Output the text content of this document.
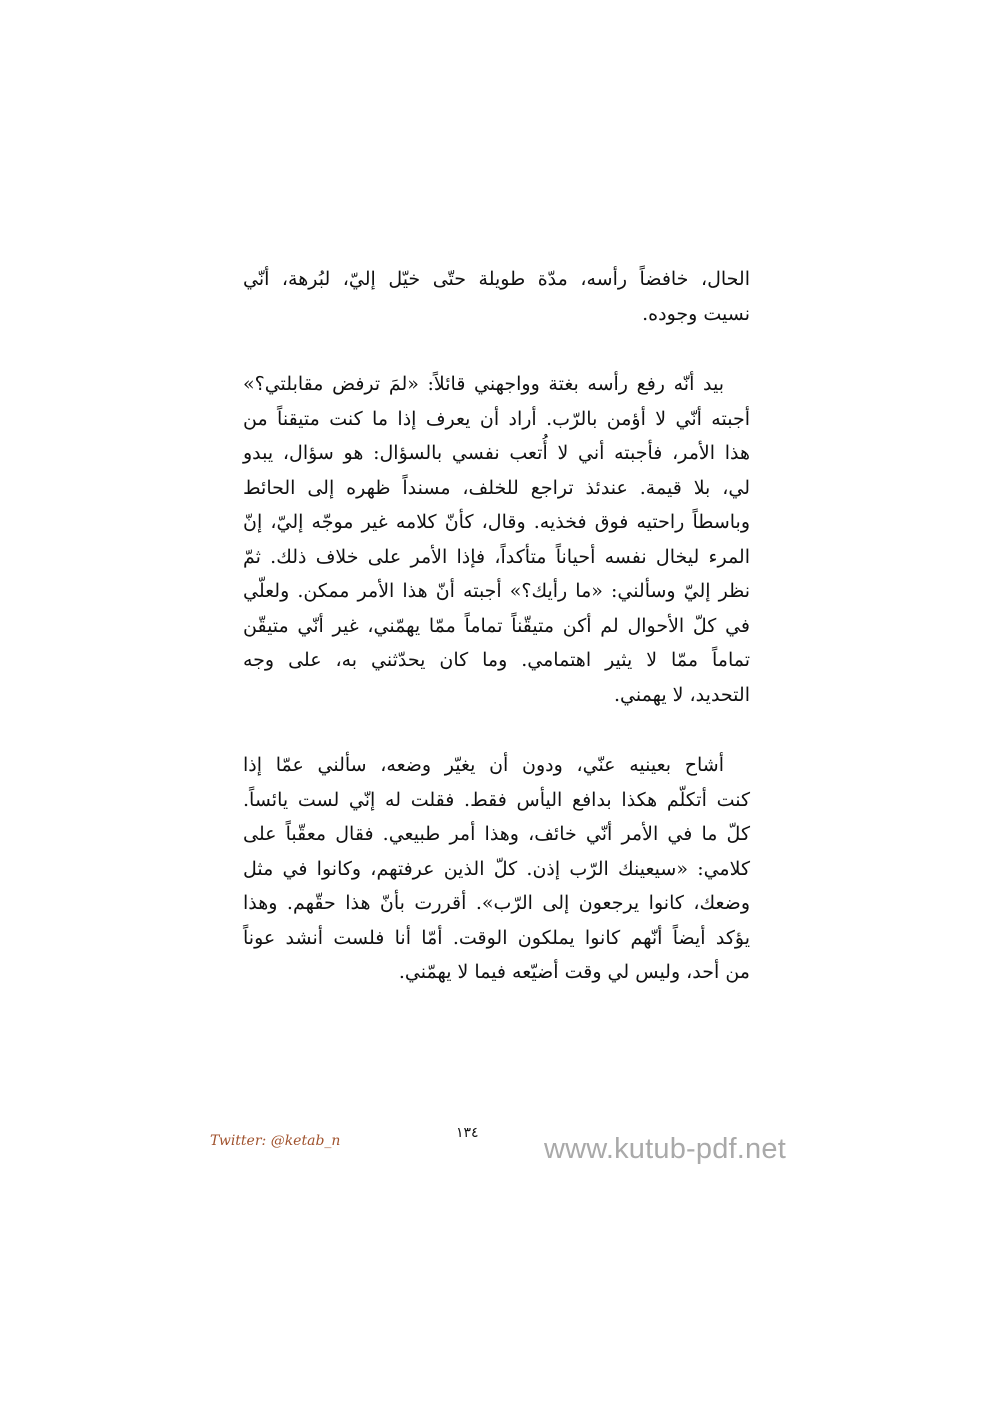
الحال، خافضاً رأسه، مدّة طويلة حتّى خيّل إليّ، لبُرهة، أنّي
نسيت وجوده.

بيد أنّه رفع رأسه بغتة وواجهني قائلاً: «لمَ ترفض مقابلتي؟»
أجبته أنّي لا أؤمن بالرّب. أراد أن يعرف إذا ما كنت متيقناً من
هذا الأمر، فأجبته أني لا أُتعب نفسي بالسؤال: هو سؤال، يبدو
لي، بلا قيمة. عندئذ تراجع للخلف، مسنداً ظهره إلى الحائط
وباسطاً راحتيه فوق فخذيه. وقال، كأنّ كلامه غير موجّه إليّ، إنّ
المرء ليخال نفسه أحياناً متأكداً، فإذا الأمر على خلاف ذلك. ثمّ
نظر إليّ وسألني: «ما رأيك؟» أجبته أنّ هذا الأمر ممكن. ولعلّي
في كلّ الأحوال لم أكن متيقّناً تماماً ممّا يهمّني، غير أنّي متيقّن
تماماً ممّا لا يثير اهتمامي. وما كان يحدّثني به، على وجه
التحديد، لا يهمني.

أشاح بعينيه عنّي، ودون أن يغيّر وضعه، سألني عمّا إذا
كنت أتكلّم هكذا بدافع اليأس فقط. فقلت له إنّي لست يائساً.
كلّ ما في الأمر أنّي خائف، وهذا أمر طبيعي. فقال معقّباً على
كلامي: «سيعينك الرّب إذن. كلّ الذين عرفتهم، وكانوا في مثل
وضعك، كانوا يرجعون إلى الرّب». أقررت بأنّ هذا حقّهم. وهذا
يؤكد أيضاً أنّهم كانوا يملكون الوقت. أمّا أنا فلست أنشد عوناً
من أحد، وليس لي وقت أضيّعه فيما لا يهمّني.

Twitter: @ketab_n	١٣٤ www.kutub-pdf.net
